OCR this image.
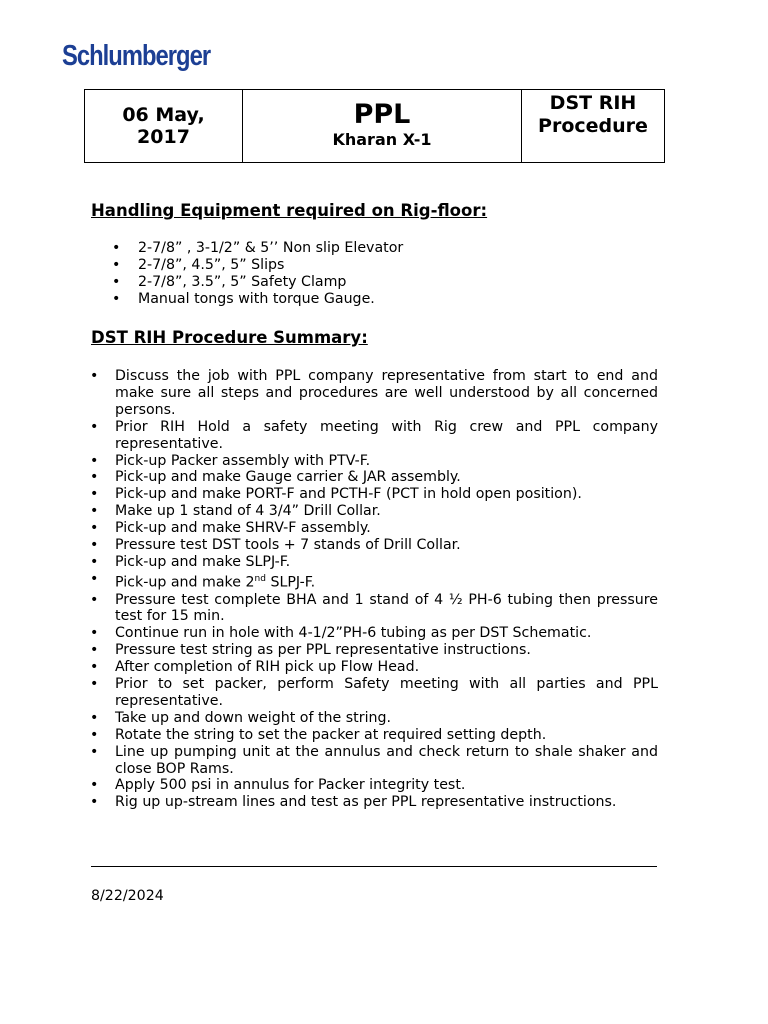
Schlumberger
06 May, 2017

PPL
Kharan X-1

DST RIH Procedure
Handling Equipment required on Rig-floor:
• 2-7/8” , 3-1/2” & 5’’ Non slip Elevator
• 2-7/8”, 4.5”, 5” Slips
• 2-7/8”, 3.5”, 5” Safety Clamp
• Manual tongs with torque Gauge.
DST RIH Procedure Summary:
• Discuss the job with PPL company representative from start to end and make sure all steps and procedures are well understood by all concerned persons.
• Prior RIH Hold a safety meeting with Rig crew and PPL company representative.
• Pick-up Packer assembly with PTV-F.
• Pick-up and make Gauge carrier & JAR assembly.
• Pick-up and make PORT-F and PCTH-F (PCT in hold open position).
• Make up 1 stand of 4 3/4” Drill Collar.
• Pick-up and make SHRV-F assembly.
• Pressure test DST tools + 7 stands of Drill Collar.
• Pick-up and make SLPJ-F.
• Pick-up and make 2nd SLPJ-F.
• Pressure test complete BHA and 1 stand of 4 ½ PH-6 tubing then pressure test for 15 min.
• Continue run in hole with 4-1/2”PH-6 tubing as per DST Schematic.
• Pressure test string as per PPL representative instructions.
• After completion of RIH pick up Flow Head.
• Prior to set packer, perform Safety meeting with all parties and PPL representative.
• Take up and down weight of the string.
• Rotate the string to set the packer at required setting depth.
• Line up pumping unit at the annulus and check return to shale shaker and close BOP Rams.
• Apply 500 psi in annulus for Packer integrity test.
• Rig up up-stream lines and test as per PPL representative instructions.
8/22/2024
